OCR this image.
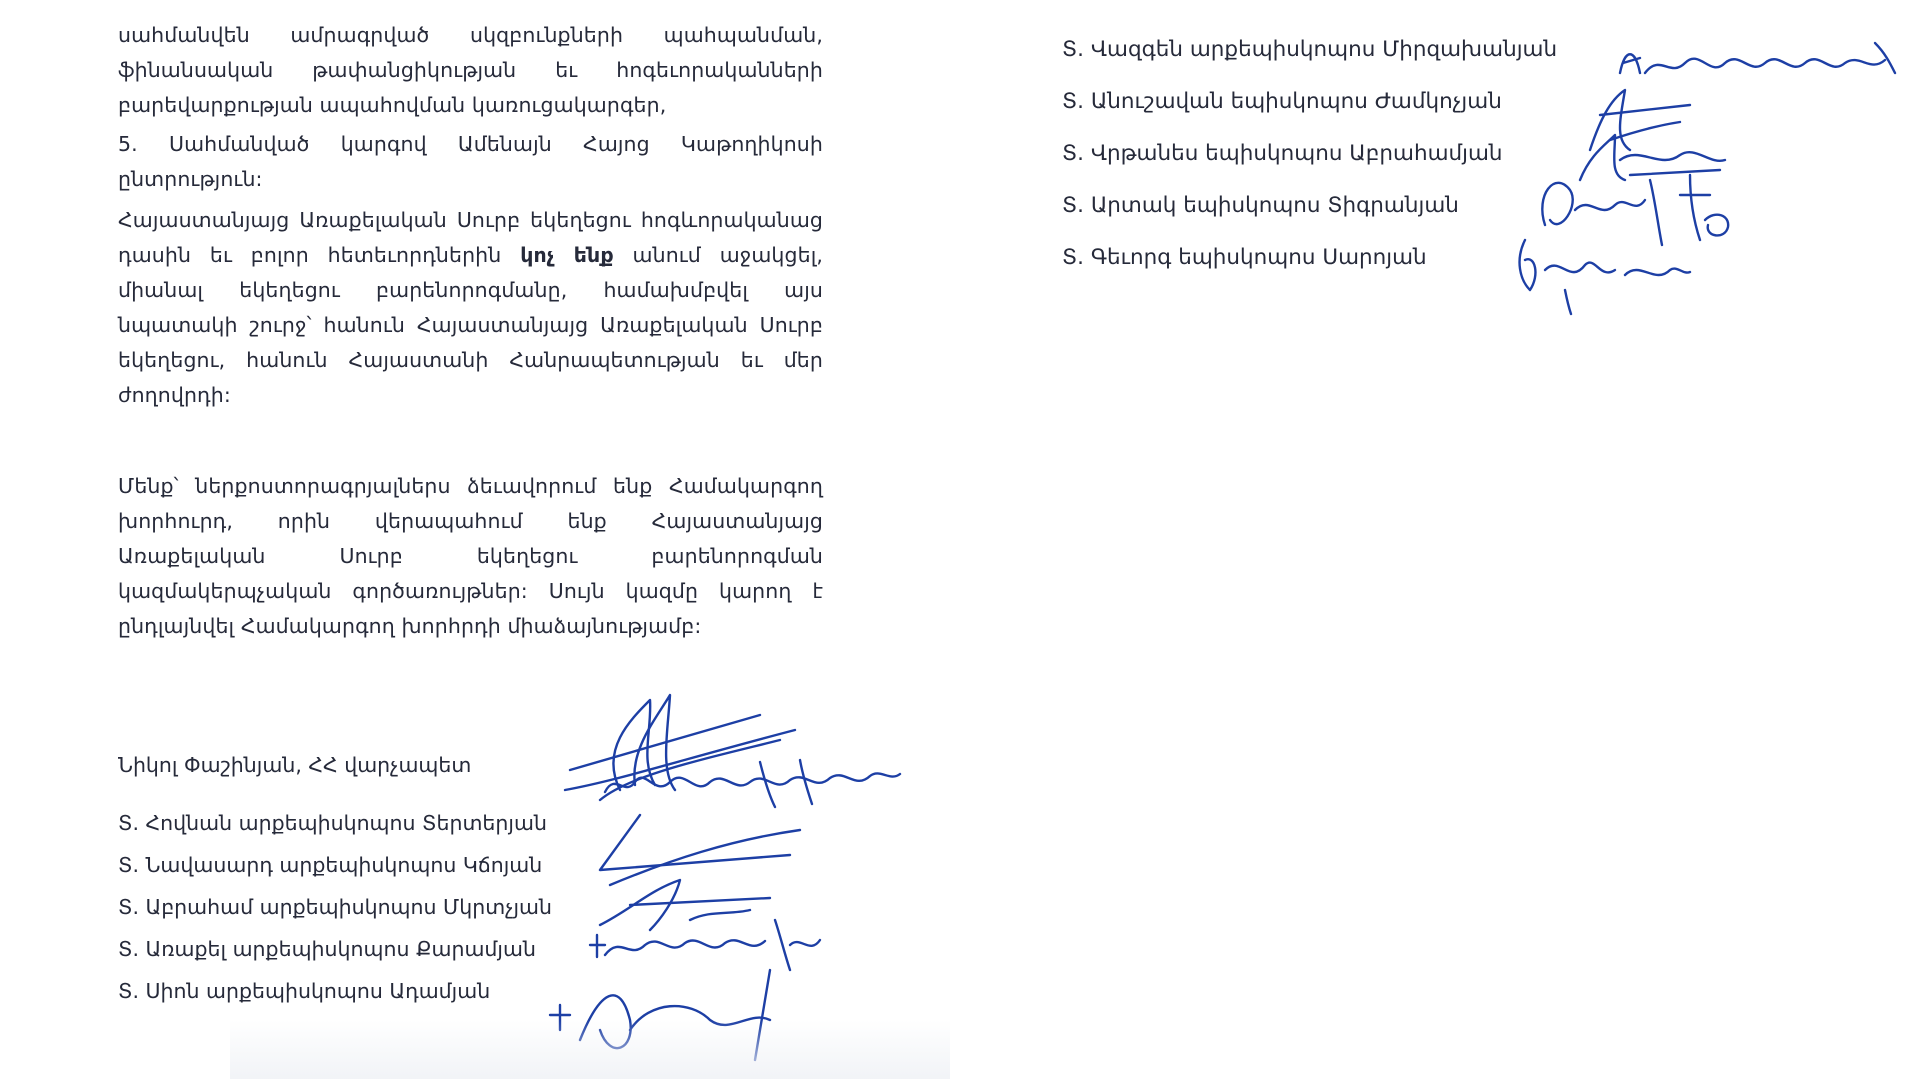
սահմանվեն ամրագրված սկզբունքների պահպանման, ֆինանսական թափանցիկության եւ հոգեւորականների բարեվարքության ապահովման կառուցակարգեր,

5. Սահմանված կարգով Ամենայն Հայոց Կաթողիկոսի ընտրություն:

Հայաստանյայց Առաքելական Սուրբ եկեղեցու հոգևորականաց դասին եւ բոլոր հետեւորդներին կոչ ենք անում աջակցել, միանալ եկեղեցու բարենորոգմանը, համախմբվել այս նպատակի շուրջ՝ հանուն Հայաստանյայց Առաքելական Սուրբ եկեղեցու, հանուն Հայաստանի Հանրապետության եւ մեր ժողովրդի:

Մենք՝ ներքոստորագրյալներս ձեւավորում ենք Համակարգող խորհուրդ, որին վերապահում ենք Հայաստանյայց Առաքելական Սուրբ եկեղեցու բարենորոգման կազմակերպչական գործառույթներ: Սույն կազմը կարող է ընդլայնվել Համակարգող խորհրդի միաձայնությամբ:

Նիկոլ Փաշինյան, ՀՀ վարչապետ
Տ. Հովնան արքեպիսկոպոս Տերտերյան
Տ. Նավասարդ արքեպիսկոպոս Կճոյան
Տ. Աբրահամ արքեպիսկոպոս Մկրտչյան
Տ. Առաքել արքեպիսկոպոս Քարամյան
Տ. Սիոն արքեպիսկոպոս Ադամյան
Տ. Վազգեն արքեպիսկոպոս Միրզախանյան
Տ. Անուշավան եպիսկոպոս Ժամկոչյան
Տ. Վրթանես եպիսկոպոս Աբրահամյան
Տ. Արտակ եպիսկոպոս Տիգրանյան
Տ. Գեւորգ եպիսկոպոս Սարոյան
